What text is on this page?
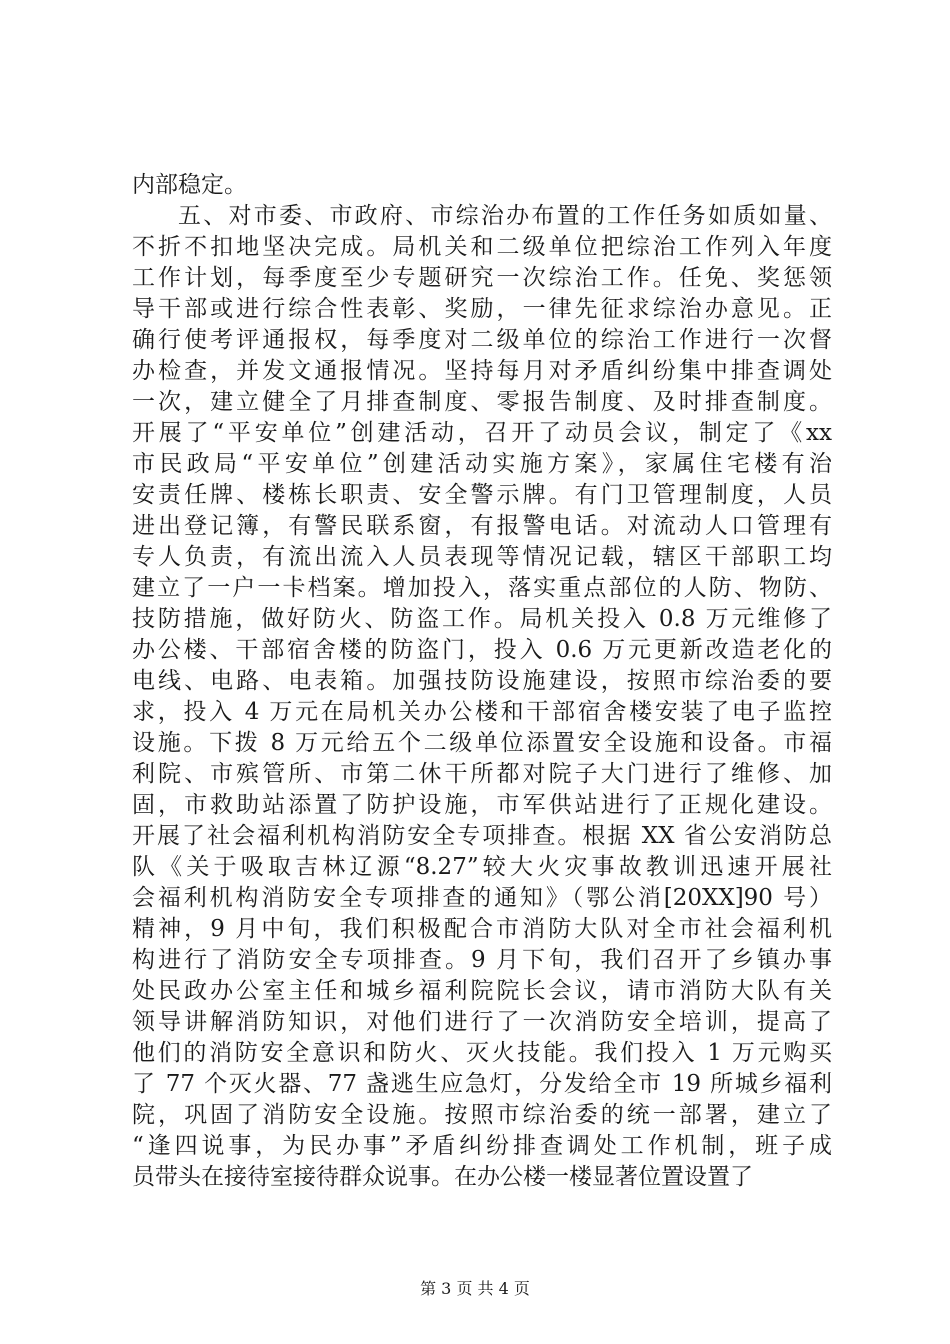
内部稳定。
五、对市委、市政府、市综治办布置的工作任务如质如量、
不折不扣地坚决完成。局机关和二级单位把综治工作列入年度
工作计划，每季度至少专题研究一次综治工作。任免、奖惩领
导干部或进行综合性表彰、奖励，一律先征求综治办意见。正
确行使考评通报权，每季度对二级单位的综治工作进行一次督
办检查，并发文通报情况。坚持每月对矛盾纠纷集中排查调处
一次，建立健全了月排查制度、零报告制度、及时排查制度。
开展了“平安单位”创建活动，召开了动员会议，制定了《xx
市民政局“平安单位”创建活动实施方案》，家属住宅楼有治
安责任牌、楼栋长职责、安全警示牌。有门卫管理制度，人员
进出登记簿，有警民联系窗，有报警电话。对流动人口管理有
专人负责，有流出流入人员表现等情况记载，辖区干部职工均
建立了一户一卡档案。增加投入，落实重点部位的人防、物防、
技防措施，做好防火、防盗工作。局机关投入 0.8 万元维修了
办公楼、干部宿舍楼的防盗门，投入 0.6 万元更新改造老化的
电线、电路、电表箱。加强技防设施建设，按照市综治委的要
求，投入 4 万元在局机关办公楼和干部宿舍楼安装了电子监控
设施。下拨 8 万元给五个二级单位添置安全设施和设备。市福
利院、市殡管所、市第二休干所都对院子大门进行了维修、加
固，市救助站添置了防护设施，市军供站进行了正规化建设。
开展了社会福利机构消防安全专项排查。根据 XX 省公安消防总
队《关于吸取吉林辽源“8.27”较大火灾事故教训迅速开展社
会福利机构消防安全专项排查的通知》（鄂公消[20XX]90 号）
精神，9 月中旬，我们积极配合市消防大队对全市社会福利机
构进行了消防安全专项排查。9 月下旬，我们召开了乡镇办事
处民政办公室主任和城乡福利院院长会议，请市消防大队有关
领导讲解消防知识，对他们进行了一次消防安全培训，提高了
他们的消防安全意识和防火、灭火技能。我们投入 1 万元购买
了 77 个灭火器、77 盏逃生应急灯，分发给全市 19 所城乡福利
院，巩固了消防安全设施。按照市综治委的统一部署，建立了
“逢四说事，为民办事”矛盾纠纷排查调处工作机制，班子成
员带头在接待室接待群众说事。在办公楼一楼显著位置设置了
第 3 页 共 4 页
